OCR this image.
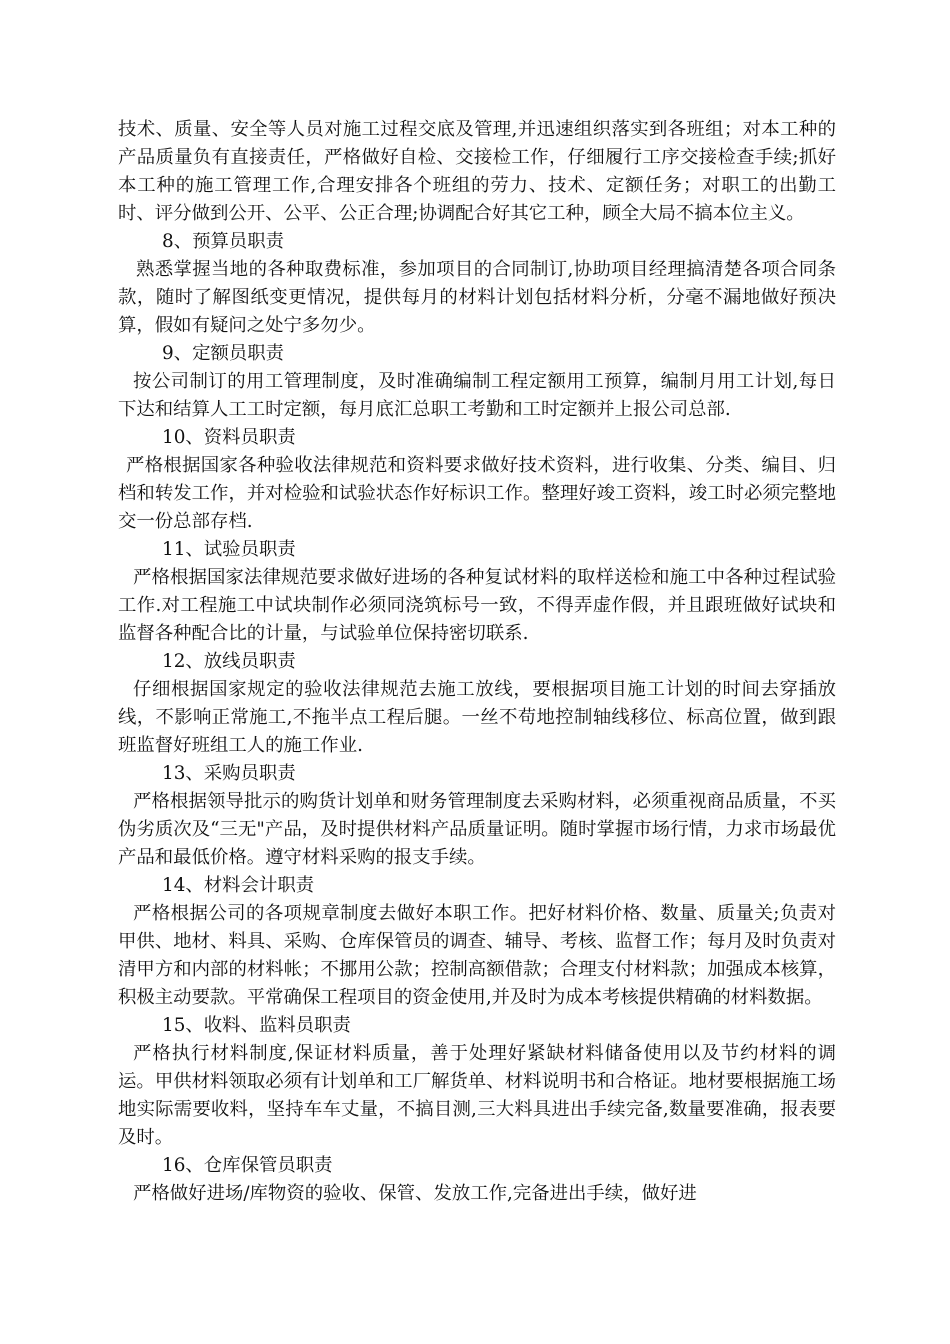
技术、质量、安全等人员对施工过程交底及管理,并迅速组织落实到各班组；对本工种的产品质量负有直接责任，严格做好自检、交接检工作，仔细履行工序交接检查手续;抓好本工种的施工管理工作,合理安排各个班组的劳力、技术、定额任务；对职工的出勤工时、评分做到公开、公平、公正合理;协调配合好其它工种，顾全大局不搞本位主义。

8、预算员职责

熟悉掌握当地的各种取费标准，参加项目的合同制订,协助项目经理搞清楚各项合同条款，随时了解图纸变更情况，提供每月的材料计划包括材料分析，分毫不漏地做好预决算，假如有疑问之处宁多勿少。

9、定额员职责

按公司制订的用工管理制度，及时准确编制工程定额用工预算，编制月用工计划,每日下达和结算人工工时定额，每月底汇总职工考勤和工时定额并上报公司总部.

10、资料员职责

严格根据国家各种验收法律规范和资料要求做好技术资料，进行收集、分类、编目、归档和转发工作，并对检验和试验状态作好标识工作。整理好竣工资料，竣工时必须完整地交一份总部存档.

11、试验员职责

严格根据国家法律规范要求做好进场的各种复试材料的取样送检和施工中各种过程试验工作.对工程施工中试块制作必须同浇筑标号一致，不得弄虚作假，并且跟班做好试块和监督各种配合比的计量，与试验单位保持密切联系.

12、放线员职责

仔细根据国家规定的验收法律规范去施工放线，要根据项目施工计划的时间去穿插放线，不影响正常施工,不拖半点工程后腿。一丝不苟地控制轴线移位、标高位置，做到跟班监督好班组工人的施工作业.

13、采购员职责

严格根据领导批示的购货计划单和财务管理制度去采购材料，必须重视商品质量，不买伪劣质次及“三无"产品，及时提供材料产品质量证明。随时掌握市场行情，力求市场最优产品和最低价格。遵守材料采购的报支手续。

14、材料会计职责

严格根据公司的各项规章制度去做好本职工作。把好材料价格、数量、质量关;负责对甲供、地材、料具、采购、仓库保管员的调查、辅导、考核、监督工作；每月及时负责对清甲方和内部的材料帐；不挪用公款；控制高额借款；合理支付材料款；加强成本核算，积极主动要款。平常确保工程项目的资金使用,并及时为成本考核提供精确的材料数据。

15、收料、监料员职责

严格执行材料制度,保证材料质量，善于处理好紧缺材料储备使用以及节约材料的调运。甲供材料领取必须有计划单和工厂解货单、材料说明书和合格证。地材要根据施工场地实际需要收料，坚持车车丈量，不搞目测,三大料具进出手续完备,数量要准确，报表要及时。

16、仓库保管员职责

严格做好进场/库物资的验收、保管、发放工作,完备进出手续，做好进
